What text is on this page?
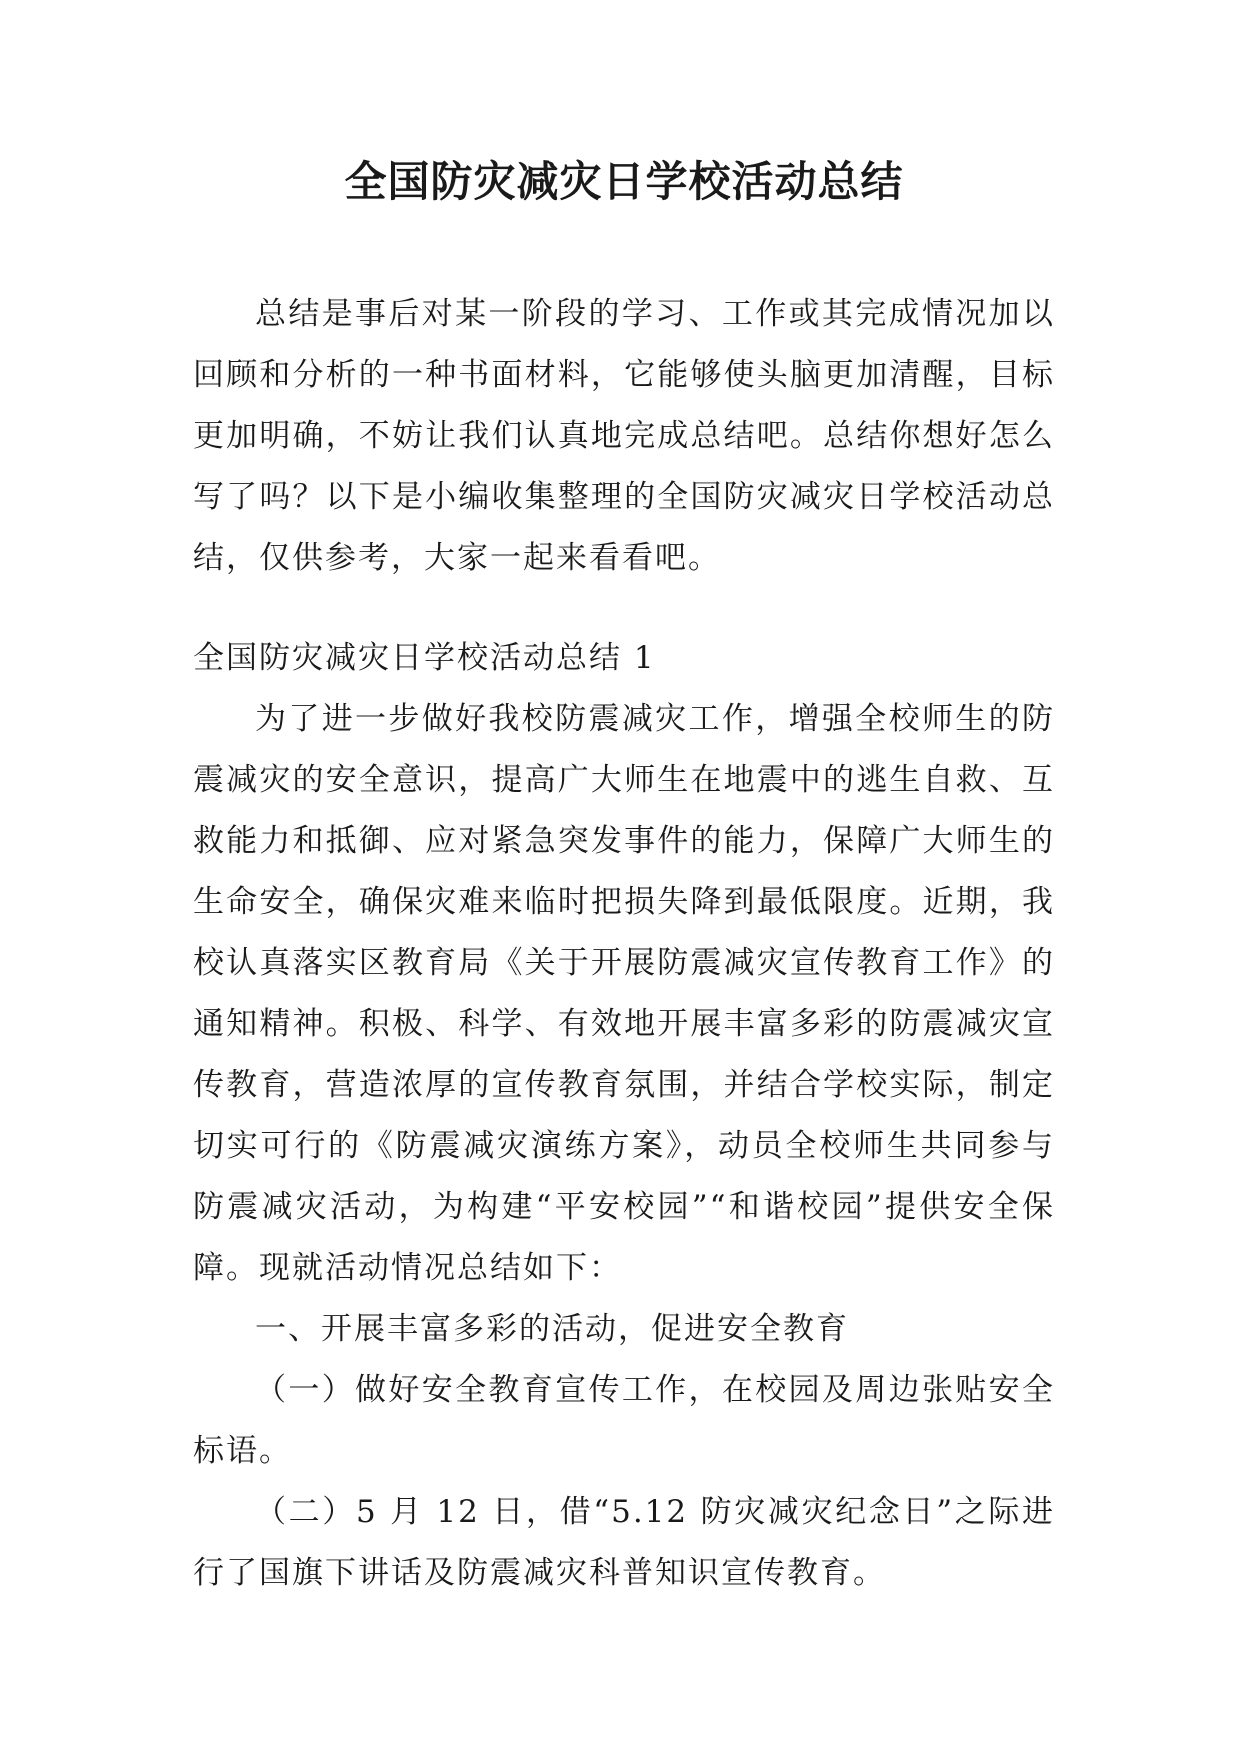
全国防灾减灾日学校活动总结

总结是事后对某一阶段的学习、工作或其完成情况加以回顾和分析的一种书面材料，它能够使头脑更加清醒，目标更加明确，不妨让我们认真地完成总结吧。总结你想好怎么写了吗？以下是小编收集整理的全国防灾减灾日学校活动总结，仅供参考，大家一起来看看吧。

全国防灾减灾日学校活动总结 1

为了进一步做好我校防震减灾工作，增强全校师生的防震减灾的安全意识，提高广大师生在地震中的逃生自救、互救能力和抵御、应对紧急突发事件的能力，保障广大师生的生命安全，确保灾难来临时把损失降到最低限度。近期，我校认真落实区教育局《关于开展防震减灾宣传教育工作》的通知精神。积极、科学、有效地开展丰富多彩的防震减灾宣传教育，营造浓厚的宣传教育氛围，并结合学校实际，制定切实可行的《防震减灾演练方案》，动员全校师生共同参与防震减灾活动，为构建“平安校园”“和谐校园”提供安全保障。现就活动情况总结如下：

一、开展丰富多彩的活动，促进安全教育

（一）做好安全教育宣传工作，在校园及周边张贴安全标语。

（二）5 月 12 日，借“5.12 防灾减灾纪念日”之际进行了国旗下讲话及防震减灾科普知识宣传教育。
